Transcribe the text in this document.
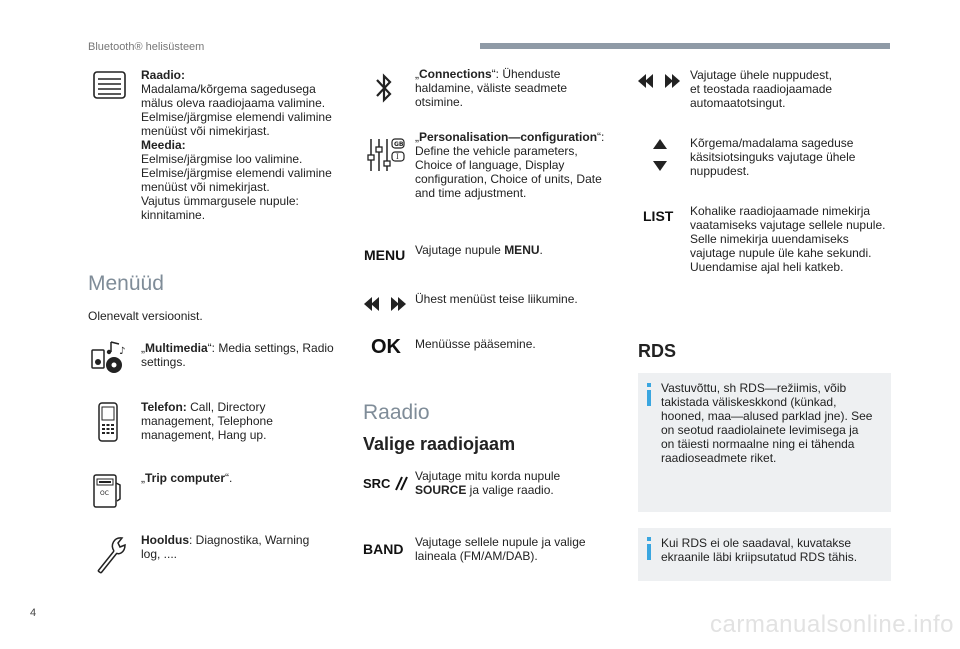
Bluetooth® helisüsteem
Raadio:
Madalama/kõrgema sagedusega
mälus oleva raadiojaama valimine.
Eelmise/järgmise elemendi valimine
menüüst või nimekirjast.
Meedia:
Eelmise/järgmise loo valimine.
Eelmise/järgmise elemendi valimine
menüüst või nimekirjast.
Vajutus ümmargusele nupule:
kinnitamine.
Menüüd
Olenevalt versioonist.
♪ „Multimedia“: Media settings, Radio
settings.
Telefon: Call, Directory
management, Telephone
management, Hang up.
OC
„Trip computer“.
Hooldus: Diagnostika, Warning
log, ....
„Connections“: Ühenduste
haldamine, väliste seadmete
otsimine.
GB
I
„Personalisation—configuration“:
Define the vehicle parameters,
Choice of language, Display
configuration, Choice of units, Date
and time adjustment.
MENU Vajutage nupule MENU.
Ühest menüüst teise liikumine.
OK Menüüsse pääsemine.
Raadio
Valige raadiojaam
SRC Vajutage mitu korda nupule
SOURCE ja valige raadio.
BAND Vajutage sellele nupule ja valige
laineala (FM/AM/DAB).
Vajutage ühele nuppudest,
et teostada raadiojaamade
automaatotsingut.
Kõrgema/madalama sageduse
käsitsiotsinguks vajutage ühele
nuppudest.
LIST Kohalike raadiojaamade nimekirja
vaatamiseks vajutage sellele nupule.
Selle nimekirja uuendamiseks
vajutage nupule üle kahe sekundi.
Uuendamise ajal heli katkeb.
RDS
Vastuvõttu, sh RDS—režiimis, võib
takistada väliskeskkond (künkad,
hooned, maa—alused parklad jne). See
on seotud raadiolainete levimisega ja
on täiesti normaalne ning ei tähenda
raadioseadmete riket.
Kui RDS ei ole saadaval, kuvatakse
ekraanile läbi kriipsutatud RDS tähis.
4	carmanualsonline.info
